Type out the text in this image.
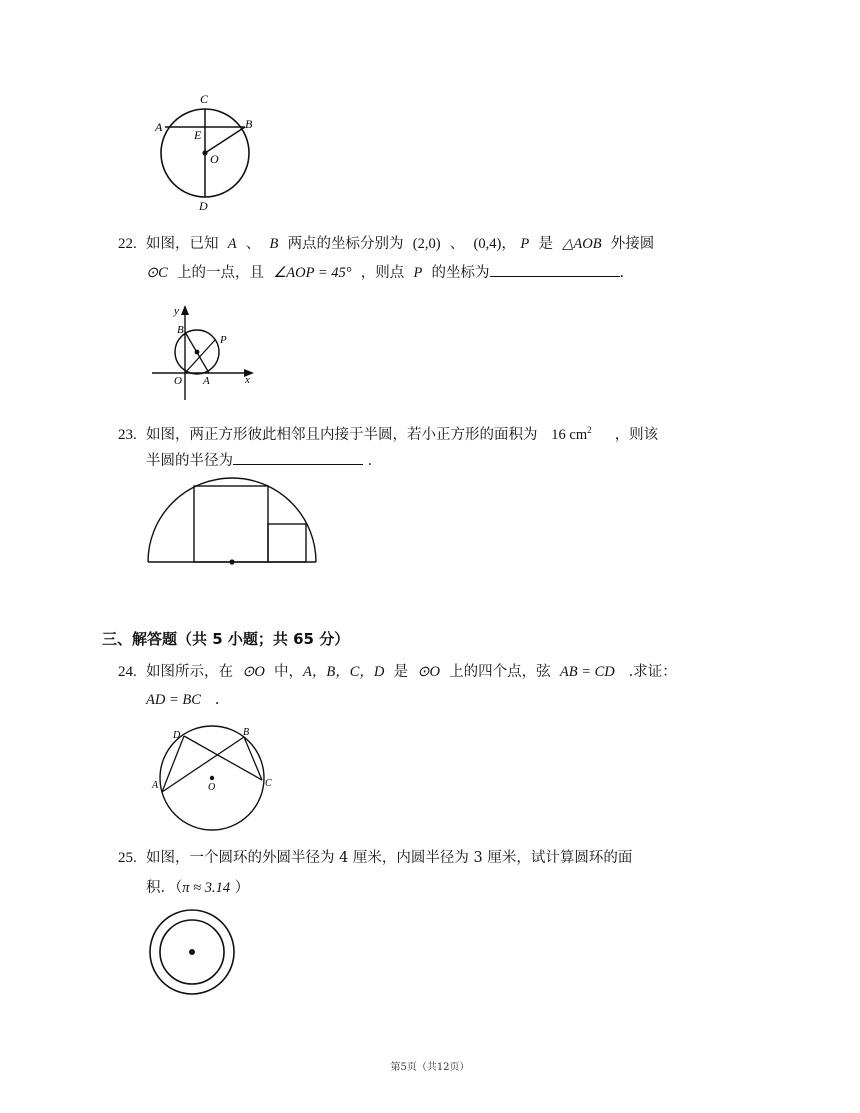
C
A	B
E
O
D
22. 如图，已知 A 、 B 两点的坐标分别为 (2,0) 、 (0,4)， P 是 △AOB 外接圆
⊙C 上的一点，且 ∠AOP = 45° ，则点 P 的坐标为	.
y
B
P
O A	x
23. 如图，两正方形彼此相邻且内接于半圆，若小正方形的面积为 16 $cm^2$ ，则该
半圆的半径为	．
三、解答题（共 5 小题；共 65 分）
24. 如图所示，在 ⊙O 中，A，B，C，D 是 ⊙O 上的四个点，弦 AB = CD .求证：
AD = BC .
D	B
A	O	C
25. 如图，一个圆环的外圆半径为 4 厘米，内圆半径为 3 厘米，试计算圆环的面
积．（π ≈ 3.14 ）
第5页（共12页）
